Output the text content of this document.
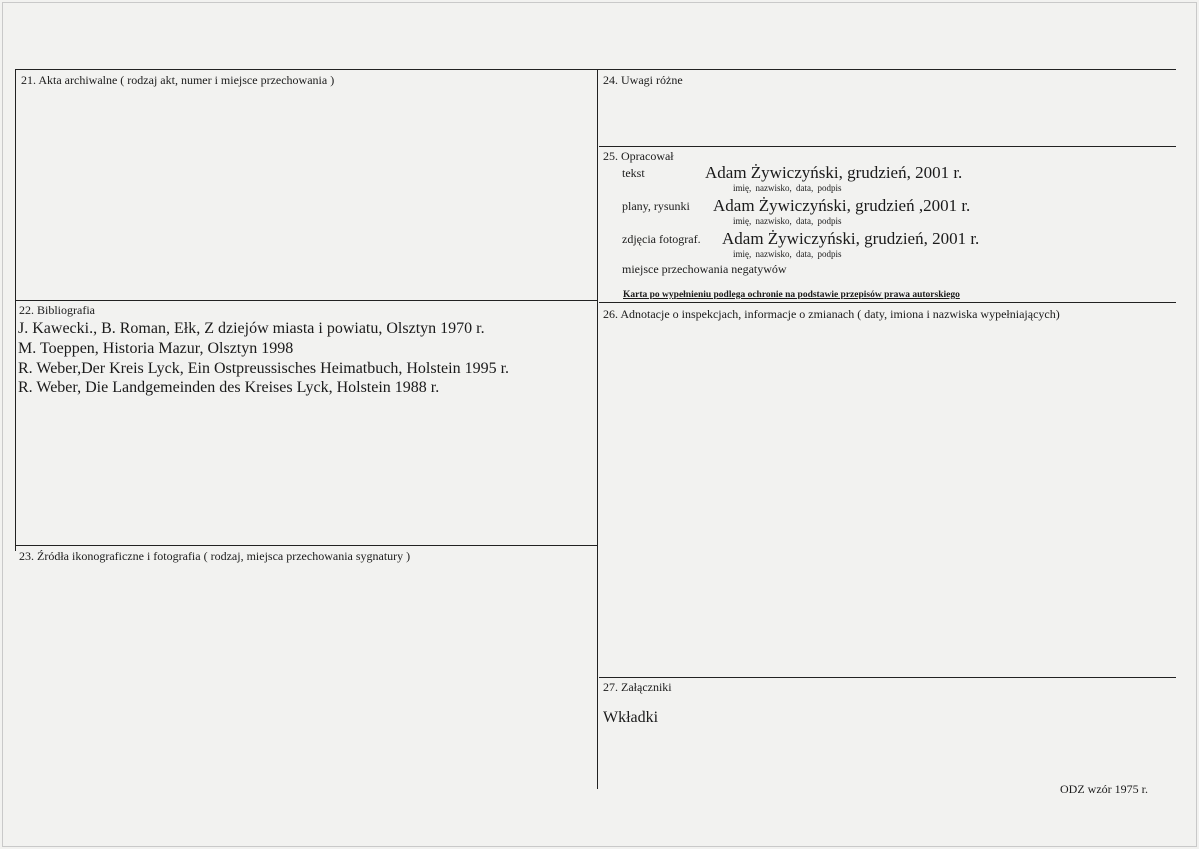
21. Akta archiwalne ( rodzaj akt, numer i miejsce przechowania )
22. Bibliografia
J. Kawecki., B. Roman, Ełk, Z dziejów miasta i powiatu, Olsztyn 1970 r.
M. Toeppen, Historia Mazur, Olsztyn 1998
R. Weber,Der Kreis Lyck, Ein Ostpreussisches Heimatbuch, Holstein 1995 r.
R. Weber, Die Landgemeinden des Kreises Lyck, Holstein 1988 r.
23. Źródła ikonograficzne i fotografia ( rodzaj, miejsca przechowania sygnatury )
24. Uwagi różne
25. Opracował
tekst	Adam Żywiczyński, grudzień, 2001 r.
imię, nazwisko, data, podpis
plany, rysunki Adam Żywiczyński, grudzień ,2001 r.
imię, nazwisko, data, podpis
zdjęcia fotograf. Adam Żywiczyński, grudzień, 2001 r.
imię, nazwisko, data, podpis
miejsce przechowania negatywów
Karta po wypełnieniu podlega ochronie na podstawie przepisów prawa autorskiego
26. Adnotacje o inspekcjach, informacje o zmianach ( daty, imiona i nazwiska wypełniających)
27. Załączniki
Wkładki
ODZ wzór 1975 r.
